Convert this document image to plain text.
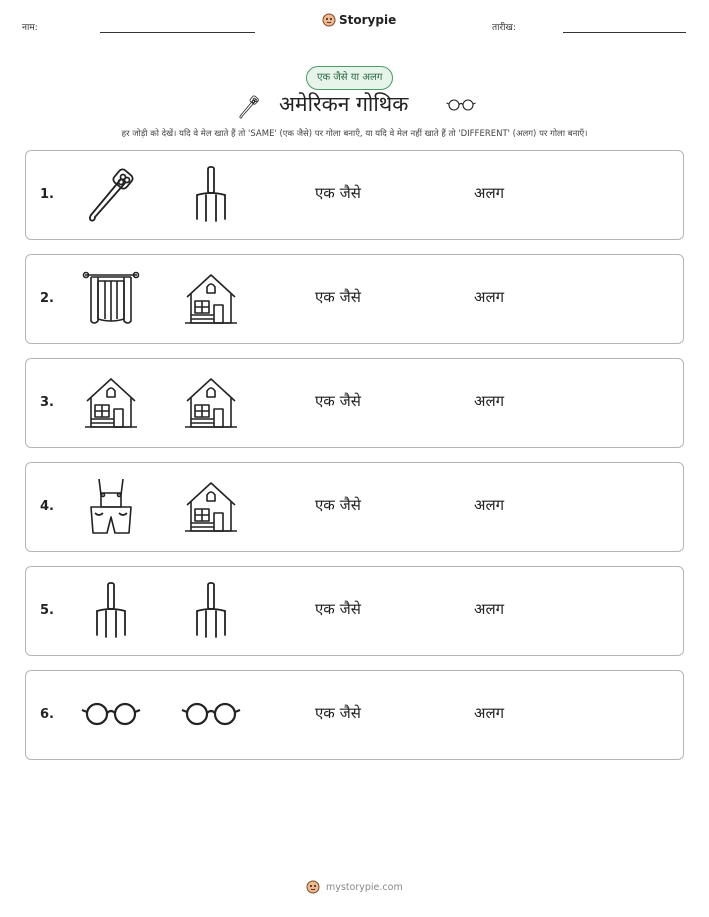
नाम:
Storypie
तारीख:
एक जैसे या अलग
अमेरिकन गोथिक
हर जोड़ी को देखें। यदि वे मेल खाते हैं तो 'SAME' (एक जैसे) पर गोला बनाएँ, या यदि वे मेल नहीं खाते हैं तो 'DIFFERENT' (अलग) पर गोला बनाएँ।
1.	एक जैसे	अलग
2.	एक जैसे	अलग
3.	एक जैसे	अलग
4.	एक जैसे	अलग
5.	एक जैसे	अलग
6.	एक जैसे	अलग
mystorypie.com
